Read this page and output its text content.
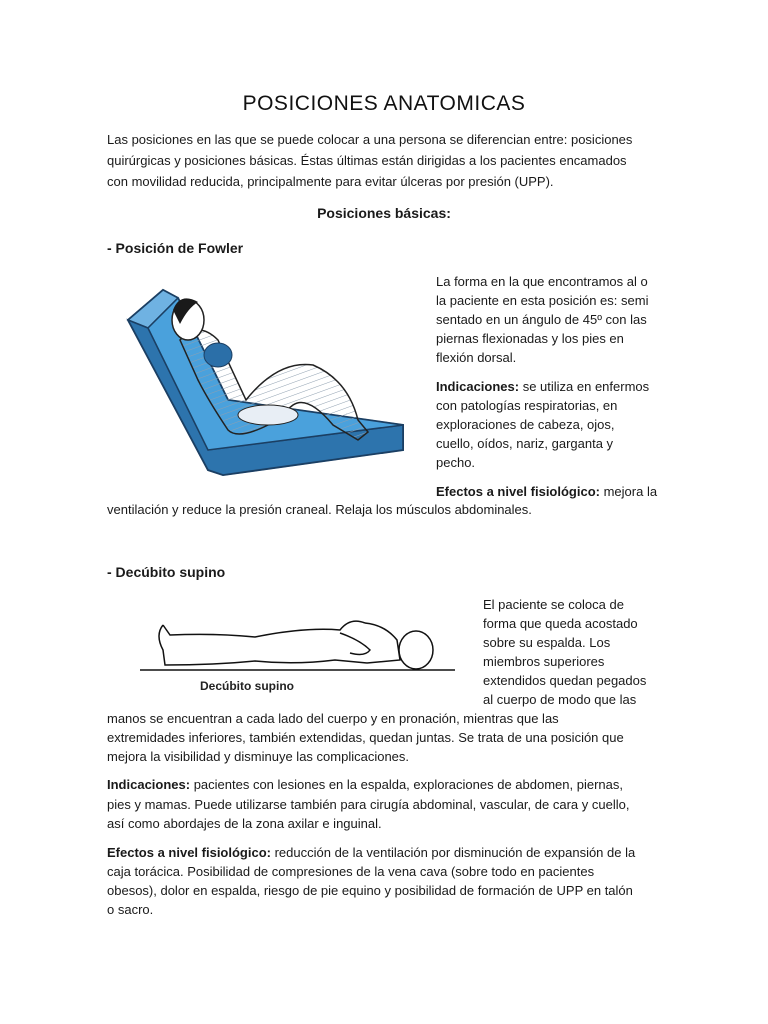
POSICIONES ANATOMICAS

Las posiciones en las que se puede colocar a una persona se diferencian entre: posiciones

quirúrgicas y posiciones básicas. Éstas últimas están dirigidas a los pacientes encamados

con movilidad reducida, principalmente para evitar úlceras por presión (UPP).

Posiciones básicas:
- Posición de Fowler

La forma en la que encontramos al o

la paciente en esta posición es: semi

sentado en un ángulo de 45º con las

piernas flexionadas y los pies en

flexión dorsal.

Indicaciones: se utiliza en enfermos

con patologías respiratorias, en

exploraciones de cabeza, ojos,

cuello, oídos, nariz, garganta y

pecho.

Efectos a nivel fisiológico: mejora la

ventilación y reduce la presión craneal. Relaja los músculos abdominales.

- Decúbito supino
Decúbito supino

El paciente se coloca de

forma que queda acostado

sobre su espalda. Los

miembros superiores

extendidos quedan pegados

al cuerpo de modo que las

manos se encuentran a cada lado del cuerpo y en pronación, mientras que las

extremidades inferiores, también extendidas, quedan juntas. Se trata de una posición que

mejora la visibilidad y disminuye las complicaciones.

Indicaciones: pacientes con lesiones en la espalda, exploraciones de abdomen, piernas,

pies y mamas. Puede utilizarse también para cirugía abdominal, vascular, de cara y cuello,

así como abordajes de la zona axilar e inguinal.

Efectos a nivel fisiológico: reducción de la ventilación por disminución de expansión de la

caja torácica. Posibilidad de compresiones de la vena cava (sobre todo en pacientes

obesos), dolor en espalda, riesgo de pie equino y posibilidad de formación de UPP en talón

o sacro.
